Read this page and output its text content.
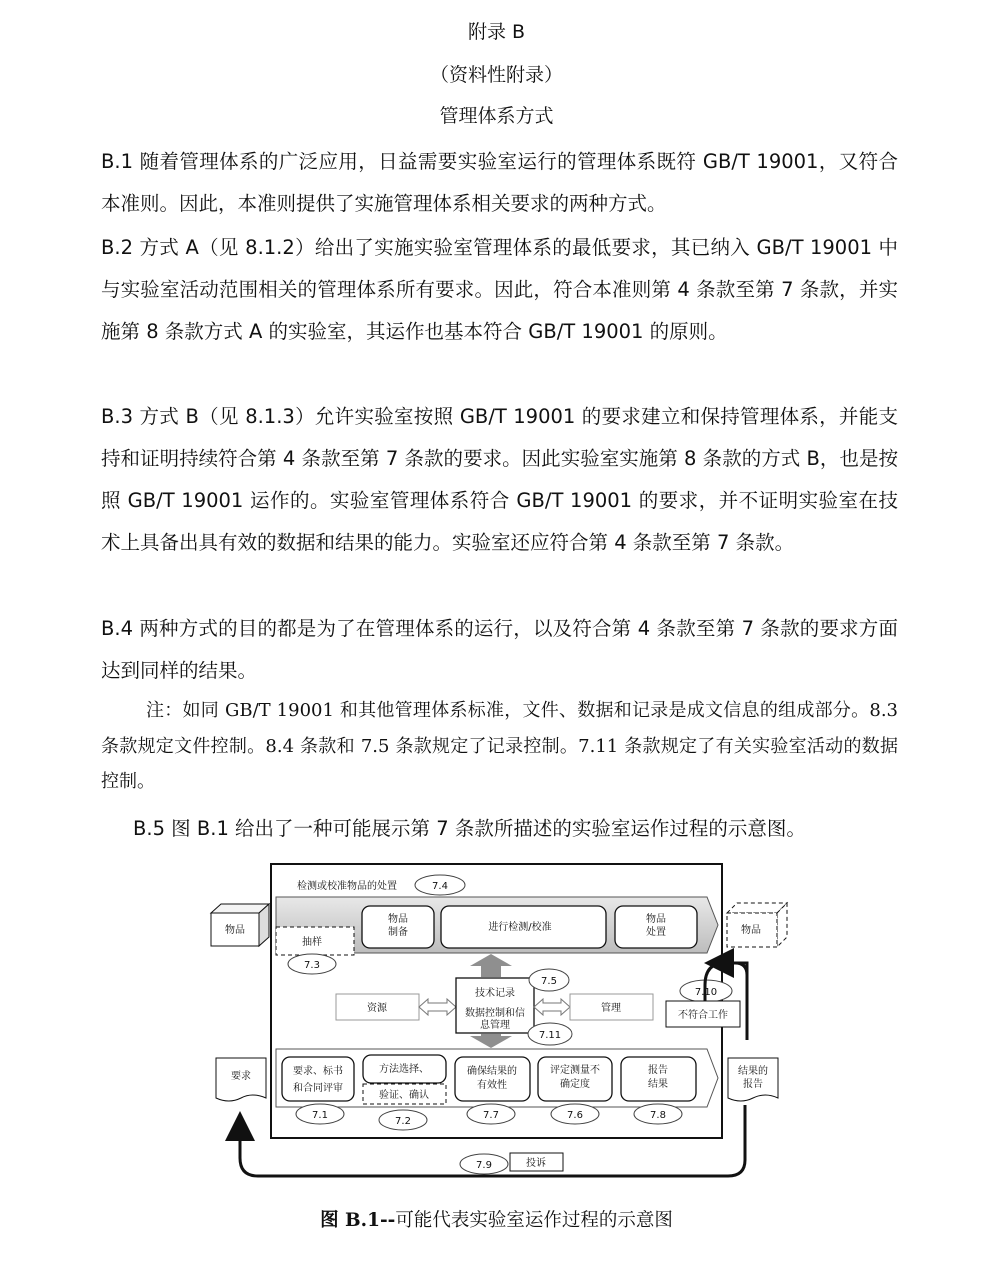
附录 B
（资料性附录）
管理体系方式
B.1 随着管理体系的广泛应用，日益需要实验室运行的管理体系既符 GB/T 19001，又符合本准则。因此，本准则提供了实施管理体系相关要求的两种方式。
B.2 方式 A（见 8.1.2）给出了实施实验室管理体系的最低要求，其已纳入 GB/T 19001 中与实验室活动范围相关的管理体系所有要求。因此，符合本准则第 4 条款至第 7 条款，并实施第 8 条款方式 A 的实验室，其运作也基本符合 GB/T 19001 的原则。
B.3 方式 B（见 8.1.3）允许实验室按照 GB/T 19001 的要求建立和保持管理体系，并能支持和证明持续符合第 4 条款至第 7 条款的要求。因此实验室实施第 8 条款的方式 B，也是按照 GB/T 19001 运作的。实验室管理体系符合 GB/T 19001 的要求，并不证明实验室在技术上具备出具有效的数据和结果的能力。实验室还应符合第 4 条款至第 7 条款。
B.4 两种方式的目的都是为了在管理体系的运行，以及符合第 4 条款至第 7 条款的要求方面达到同样的结果。
注：如同 GB/T 19001 和其他管理体系标准，文件、数据和记录是成文信息的组成部分。8.3 条款规定文件控制。8.4 条款和 7.5 条款规定了记录控制。7.11 条款规定了有关实验室活动的数据控制。
B.5 图 B.1 给出了一种可能展示第 7 条款所描述的实验室运作过程的示意图。
检测或校准物品的处置	7.4
物品
抽样
7.3
物品
制备	进行检测/校准
物品
处置	物品
资源
技术记录
数据控制和信
息管理
管理
7.5
7.11
7.10
不符合工作
要求、标书
和合同评审
方法选择、
验证、确认
确保结果的
有效性
评定测量不
确定度
报告
结果
7.1
7.2
7.7	7.6	7.8
要求	结果的
报告
7.9	投诉
图 B.1--可能代表实验室运作过程的示意图
